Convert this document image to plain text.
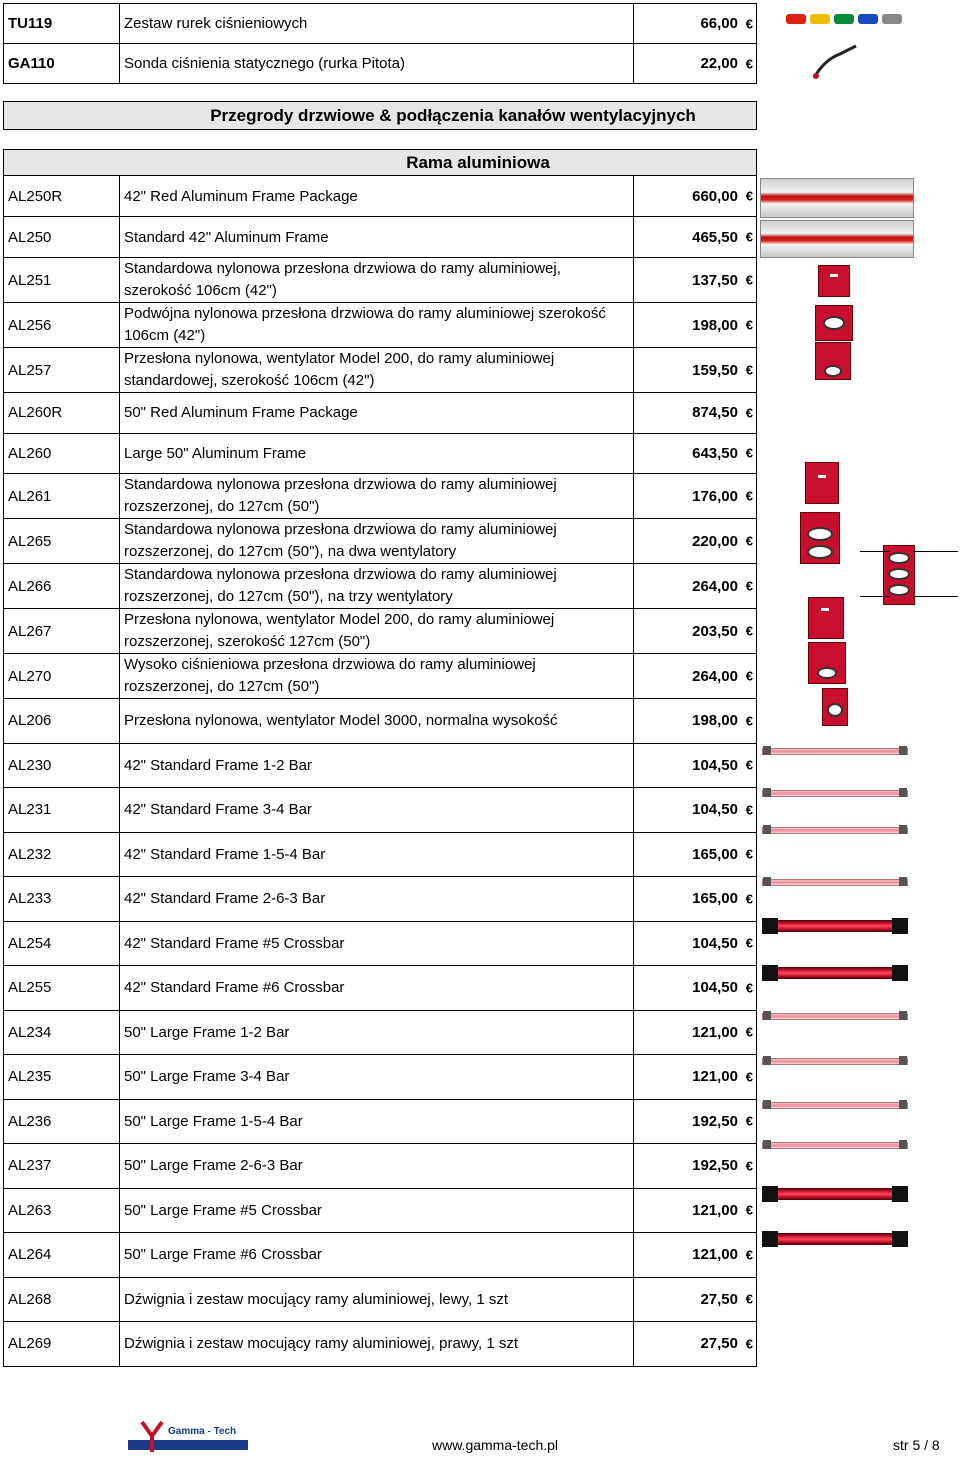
TU119	Zestaw rurek ciśnieniowych	66,00 €

GA110	Sonda ciśnienia statycznego (rurka Pitota)	22,00 €

Przegrody drzwiowe & podłączenia kanałów wentylacyjnych		

Rama aluminiowa		
AL250R	42" Red Aluminum Frame Package	660,00 €

AL250	Standard 42" Aluminum Frame	465,50 €

AL251	Standardowa nylonowa przesłona drzwiowa do ramy aluminiowej, szerokość 106cm (42")	137,50 €

AL256	Podwójna nylonowa przesłona drzwiowa do ramy aluminiowej szerokość 106cm (42")	198,00 €

AL257	Przesłona nylonowa, wentylator Model 200, do ramy aluminiowej standardowej, szerokość 106cm (42")	159,50 €

AL260R	50" Red Aluminum Frame Package	874,50 €

AL260	Large 50" Aluminum Frame	643,50 €

AL261	Standardowa nylonowa przesłona drzwiowa do ramy aluminiowej rozszerzonej, do 127cm (50")	176,00 €

AL265	Standardowa nylonowa przesłona drzwiowa do ramy aluminiowej rozszerzonej, do 127cm (50"), na dwa wentylatory	220,00 €

AL266	Standardowa nylonowa przesłona drzwiowa do ramy aluminiowej rozszerzonej, do 127cm (50"), na trzy wentylatory	264,00 €

AL267	Przesłona nylonowa, wentylator Model 200, do ramy aluminiowej rozszerzonej, szerokość 127cm (50")	203,50 €

AL270	Wysoko ciśnieniowa przesłona drzwiowa do ramy aluminiowej rozszerzonej, do 127cm (50")	264,00 €

AL206	Przesłona nylonowa, wentylator Model 3000, normalna wysokość	198,00 €

AL230	42" Standard Frame 1-2 Bar	104,50 €

AL231	42" Standard Frame 3-4 Bar	104,50 €

AL232	42" Standard Frame 1-5-4 Bar	165,00 €

AL233	42" Standard Frame 2-6-3 Bar	165,00 €

AL254	42" Standard Frame #5 Crossbar	104,50 €

AL255	42" Standard Frame #6 Crossbar	104,50 €

AL234	50" Large Frame 1-2 Bar	121,00 €

AL235	50" Large Frame 3-4 Bar	121,00 €

AL236	50" Large Frame 1-5-4 Bar	192,50 €

AL237	50" Large Frame 2-6-3 Bar	192,50 €

AL263	50" Large Frame #5 Crossbar	121,00 €

AL264	50" Large Frame #6 Crossbar	121,00 €

AL268	Dźwignia i zestaw mocujący ramy aluminiowej, lewy, 1 szt	27,50 €

AL269	Dźwignia i zestaw mocujący ramy aluminiowej, prawy, 1 szt	27,50 €
Gamma - Tech
www.gamma-tech.pl	str 5 / 8
